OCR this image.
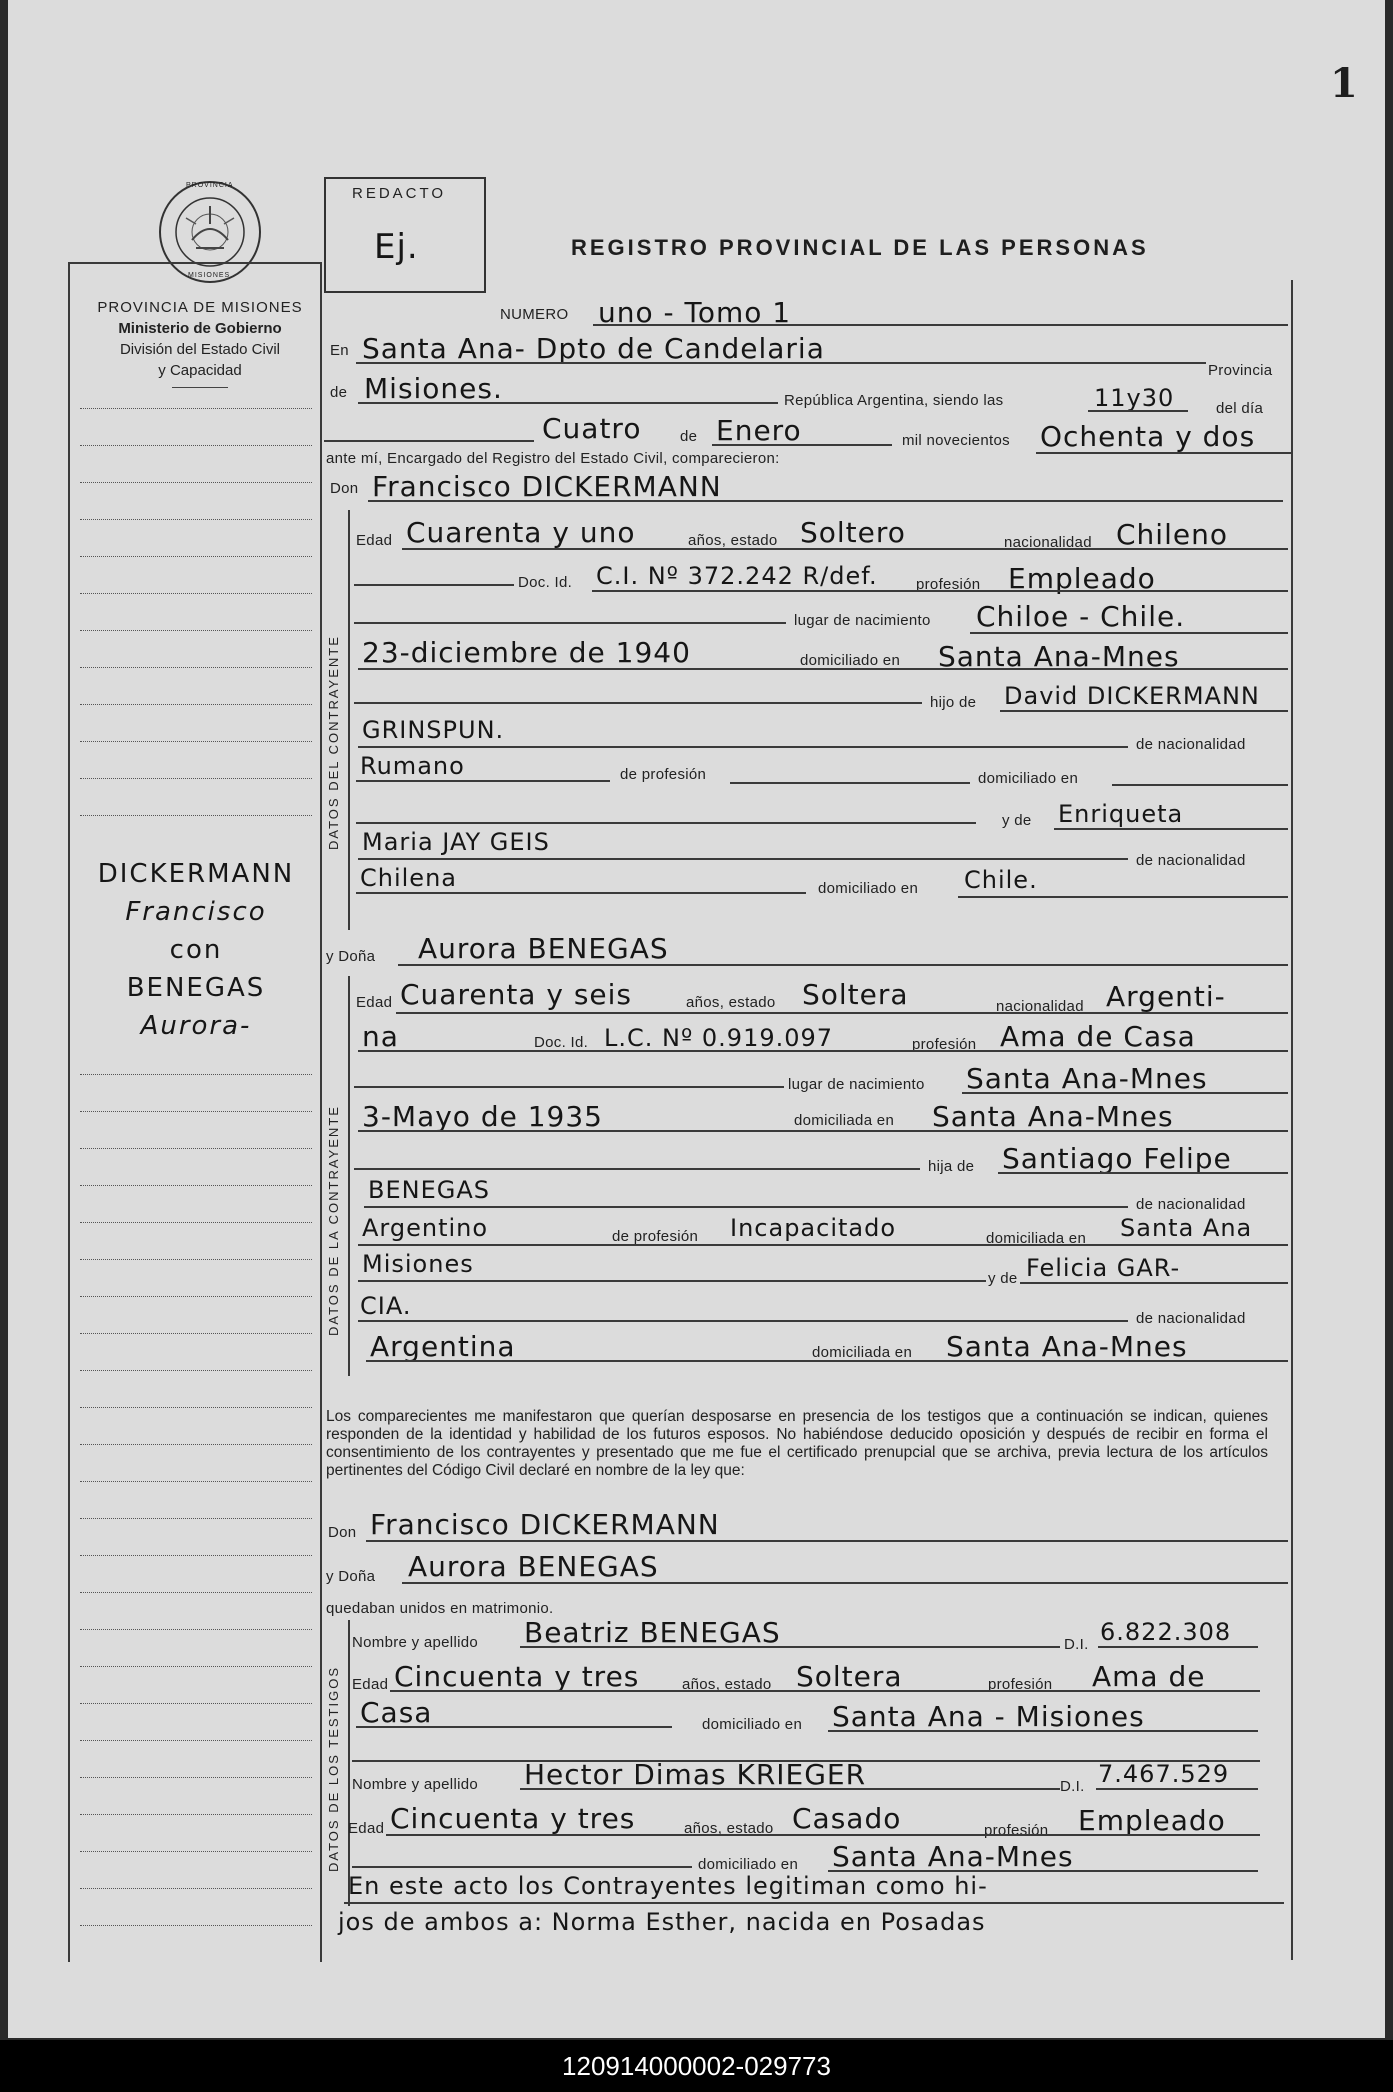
1
REDACTO
Ej.	REGISTRO PROVINCIAL DE LAS PERSONAS
PROVINCIA
MISIONES
PROVINCIA DE MISIONES
Ministerio de Gobierno
División del Estado Civil
y Capacidad
DICKERMANN
Francisco
con
BENEGAS
Aurora-
NUMERO uno - Tomo 1
En Santa Ana- Dpto de Candelaria
Provincia
de Misiones.	República Argentina, siendo las	11y30	del día
Cuatro	de Enero	mil novecientos Ochenta y dos
ante mí, Encargado del Registro del Estado Civil, comparecieron:
Don Francisco DICKERMANN
DATOS DEL CONTRAYENTE
Edad Cuarenta y uno	años, estado Soltero	nacionalidad Chileno
Doc. Id. C.I. Nº 372.242 R/def.	profesión Empleado
lugar de nacimiento Chiloe - Chile.
23-diciembre de 1940	domiciliado en Santa Ana-Mnes
hijo de David DICKERMANN
GRINSPUN.
de nacionalidad
Rumano	de profesión	domiciliado en
y de Enriqueta
Maria JAY GEIS
de nacionalidad
Chilena	domiciliado en Chile.
y Doña Aurora BENEGAS
DATOS DE LA CONTRAYENTE
Edad Cuarenta y seis	años, estado Soltera	nacionalidad Argenti-
na	Doc. Id. L.C. Nº 0.919.097	profesión Ama de Casa
lugar de nacimiento Santa Ana-Mnes
3-Mayo de 1935	domiciliada en Santa Ana-Mnes
hija de Santiago Felipe
BENEGAS
de nacionalidad
Argentino	de profesión Incapacitado	domiciliada en Santa Ana
Misiones
y de Felicia GAR-
CIA.	de nacionalidad
Argentina	domiciliada en Santa Ana-Mnes
Los comparecientes me manifestaron que querían desposarse en presencia de los testigos que a continuación se indican, quienes responden de la identidad y habilidad de los futuros esposos. No habiéndose deducido oposición y después de recibir en forma el consentimiento de los contrayentes y presentado que me fue el certificado prenupcial que se archiva, previa lectura de los artículos pertinentes del Código Civil declaré en nombre de la ley que:
Don Francisco DICKERMANN
y Doña Aurora BENEGAS
quedaban unidos en matrimonio.
DATOS DE LOS TESTIGOS
Nombre y apellido Beatriz BENEGAS	D.I. 6.822.308
Edad Cincuenta y tres	años, estado Soltera	profesión Ama de
Casa	domiciliado en Santa Ana - Misiones
Nombre y apellido Hector Dimas KRIEGER	D.I. 7.467.529
Edad Cincuenta y tres	años, estado Casado	profesión Empleado
domiciliado en Santa Ana-Mnes
En este acto los Contrayentes legitiman como hi-
jos de ambos a: Norma Esther, nacida en Posadas
120914000002-029773
